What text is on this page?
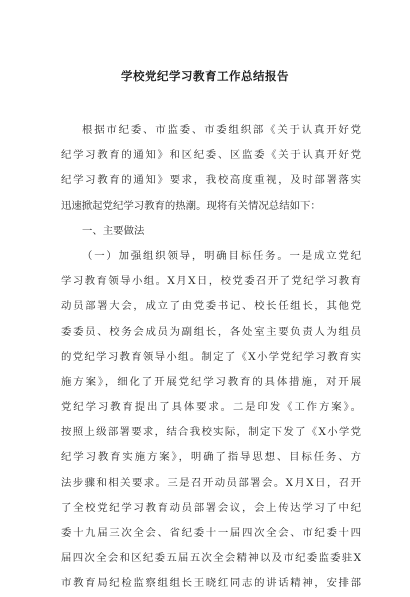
学校党纪学习教育工作总结报告
根据市纪委、市监委、市委组织部《关于认真开好党
纪学习教育的通知》和区纪委、区监委《关于认真开好党
纪学习教育的通知》要求，我校高度重视，及时部署落实
迅速掀起党纪学习教育的热潮。现将有关情况总结如下：
一、主要做法
（一）加强组织领导，明确目标任务。一是成立党纪
学习教育领导小组。X月X日，校党委召开了党纪学习教育
动员部署大会，成立了由党委书记、校长任组长，其他党
委委员、校务会成员为副组长，各处室主要负责人为组员
的党纪学习教育领导小组。制定了《X小学党纪学习教育实
施方案》，细化了开展党纪学习教育的具体措施，对开展
党纪学习教育提出了具体要求。二是印发《工作方案》。
按照上级部署要求，结合我校实际，制定下发了《X小学党
纪学习教育实施方案》，明确了指导思想、目标任务、方
法步骤和相关要求。三是召开动员部署会。X月X日，召开
了全校党纪学习教育动员部署会议，会上传达学习了中纪
委十九届三次全会、省纪委十一届四次全会、市纪委十四
届四次全会和区纪委五届五次全会精神以及市纪委监委驻X
市教育局纪检监察组组长王晓红同志的讲话精神，安排部
